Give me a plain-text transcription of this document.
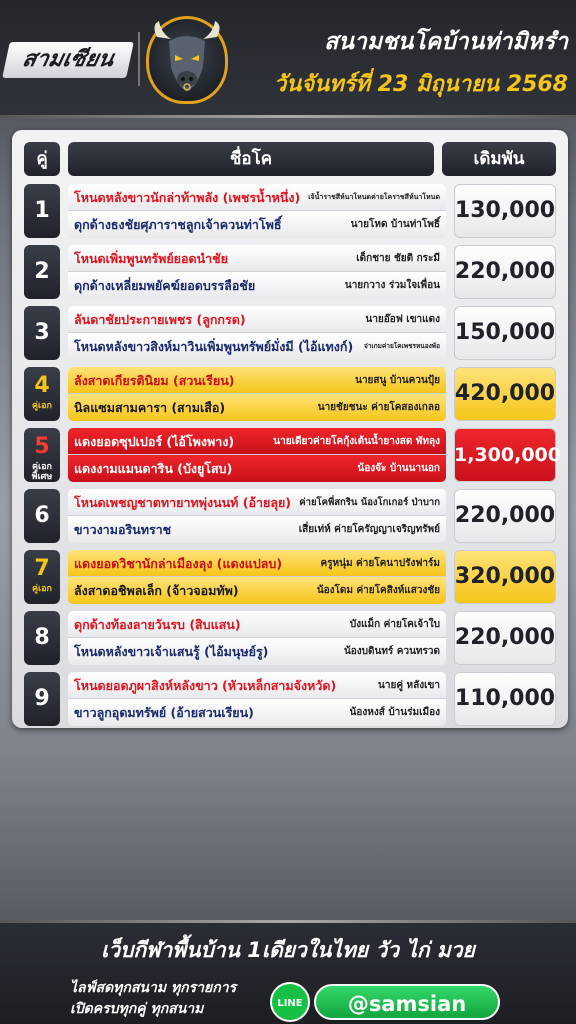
สามเซียน
สนามชนโคบ้านท่ามิหรำ
วันจันทร์ที่ 23 มิถุนายน 2568
คู่	ชื่อโค	เดิมพัน
1
โหนดหลังขาวนักล่าท้าพลัง (เพชรน้ำหนึ่ง) เจ้น้ำราชสีห์นาโหนดค่ายโคราชสีห์นาโหนด
ดุกด้างธงชัยศุภาราชลูกเจ้าควนท่าโพธิ์	นายโหด บ้านท่าโพธิ์
130,000
2
โหนดเพิ่มพูนทรัพย์ยอดนำชัย	เด็กชาย ชัยติ กระมี
ดุกด้างเหลี่ยมพยัคฆ์ยอดบรรลือชัย	นายกวาง ร่วมใจเพื่อน
220,000
3
ลันดาชัยประกายเพชร (ลูกกรด)	นายอ๊อฟ เขาแดง
โหนดหลังขาวสิงห์มาวินเพิ่มพูนทรัพย์มั่งมี (ไอ้แทงก์) จ่าเกมค่ายโคเพชรหนองพ้อ
150,000
4
คู่เอก
ลังสาดเกียรตินิยม (สวนเรียน)	นายสนู บ้านควนปุ้ย
นิลแซมสามคารา (สามเสือ)	นายชัยชนะ ค่ายโคสองเกลอ
420,000
5
คู่เอกพิเศษ
แดงยอดซุปเปอร์ (ไอ้โพงพาง)	นายเดียวค่ายโคกุ้งเต้นน้ำยางสด พัทลุง
แดงงามแมนดาริน (บังยูโสบ)	น้องจ๊ะ บ้านนานอก
1,300,000
6
โหนดเพชญชาตทายาทพุ่งนนท์ (อ้ายลุย) ค่ายโคพี่สกริน น้องโกเกอร์ ป่าบาก
ขาวงามอรินทราช	เสี่ยเท่ห์ ค่ายโครัญญาเจริญทรัพย์
220,000
7
คู่เอก
แดงยอดวิชานักล่าเมืองลุง (แดงแปลบ)	ครูหนุ่ม ค่ายโคนาปรังฟาร์ม
ลังสาดอชิพลเล็ก (จ้าวจอมทัพ)	น้องโดม ค่ายโคสิงห์แสวงชัย
320,000
8
ดุกด้างท้องลายวันรบ (สิบแสน)	บังแม็ก ค่ายโคเจ้าใบ
โหนดหลังขาวเจ้าแสนรู้ (ไอ้มนุษย์รู)	น้องบดินทร์ ควนทรวด
220,000
9
โหนดยอดภูผาสิงห์หลังขาว (หัวเหล็กสามจังหวัด)	นายคู่ หลังเขา
ขาวลูกอุดมทรัพย์ (อ้ายสวนเรียน)	น้องหงส์ บ้านร่มเมือง
110,000
เว็บกีฬาพื้นบ้าน 1เดียวในไทย วัว ไก่ มวย
ไลฟ์สดทุกสนาม ทุกรายการ
เปิดครบทุกคู่ ทุกสนาม	LINE	@samsian
